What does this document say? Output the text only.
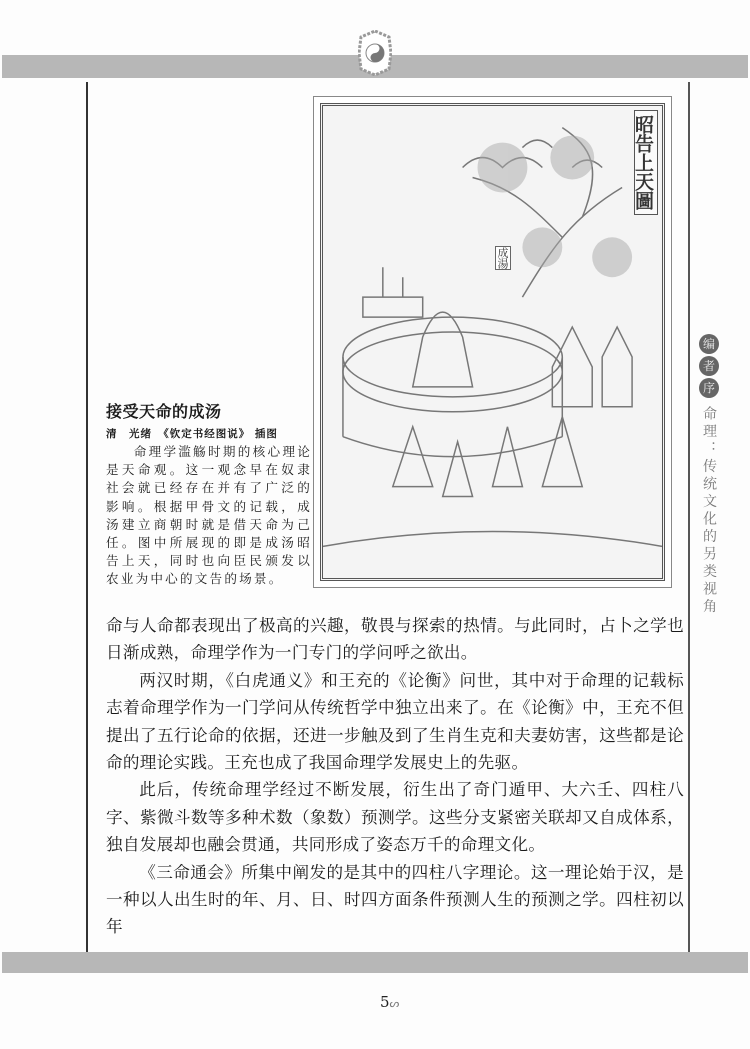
昭告上天圖
成湯
接受天命的成汤
清　光绪　《钦定书经图说》 插图

命理学滥觞时期的核心理论是天命观。这一观念早在奴隶社会就已经存在并有了广泛的影响。根据甲骨文的记载，成汤建立商朝时就是借天命为己任。图中所展现的即是成汤昭告上天，同时也向臣民颁发以农业为中心的文告的场景。

编
者
序
命理：传统文化的另类视角

命与人命都表现出了极高的兴趣，敬畏与探索的热情。与此同时，占卜之学也日渐成熟，命理学作为一门专门的学问呼之欲出。

两汉时期，《白虎通义》和王充的《论衡》问世，其中对于命理的记载标志着命理学作为一门学问从传统哲学中独立出来了。在《论衡》中，王充不但提出了五行论命的依据，还进一步触及到了生肖生克和夫妻妨害，这些都是论命的理论实践。王充也成了我国命理学发展史上的先驱。

此后，传统命理学经过不断发展，衍生出了奇门遁甲、大六壬、四柱八字、紫微斗数等多种术数（象数）预测学。这些分支紧密关联却又自成体系，独自发展却也融会贯通，共同形成了姿态万千的命理文化。

《三命通会》所集中阐发的是其中的四柱八字理论。这一理论始于汉，是一种以人出生时的年、月、日、时四方面条件预测人生的预测之学。四柱初以年

5ᔕ
